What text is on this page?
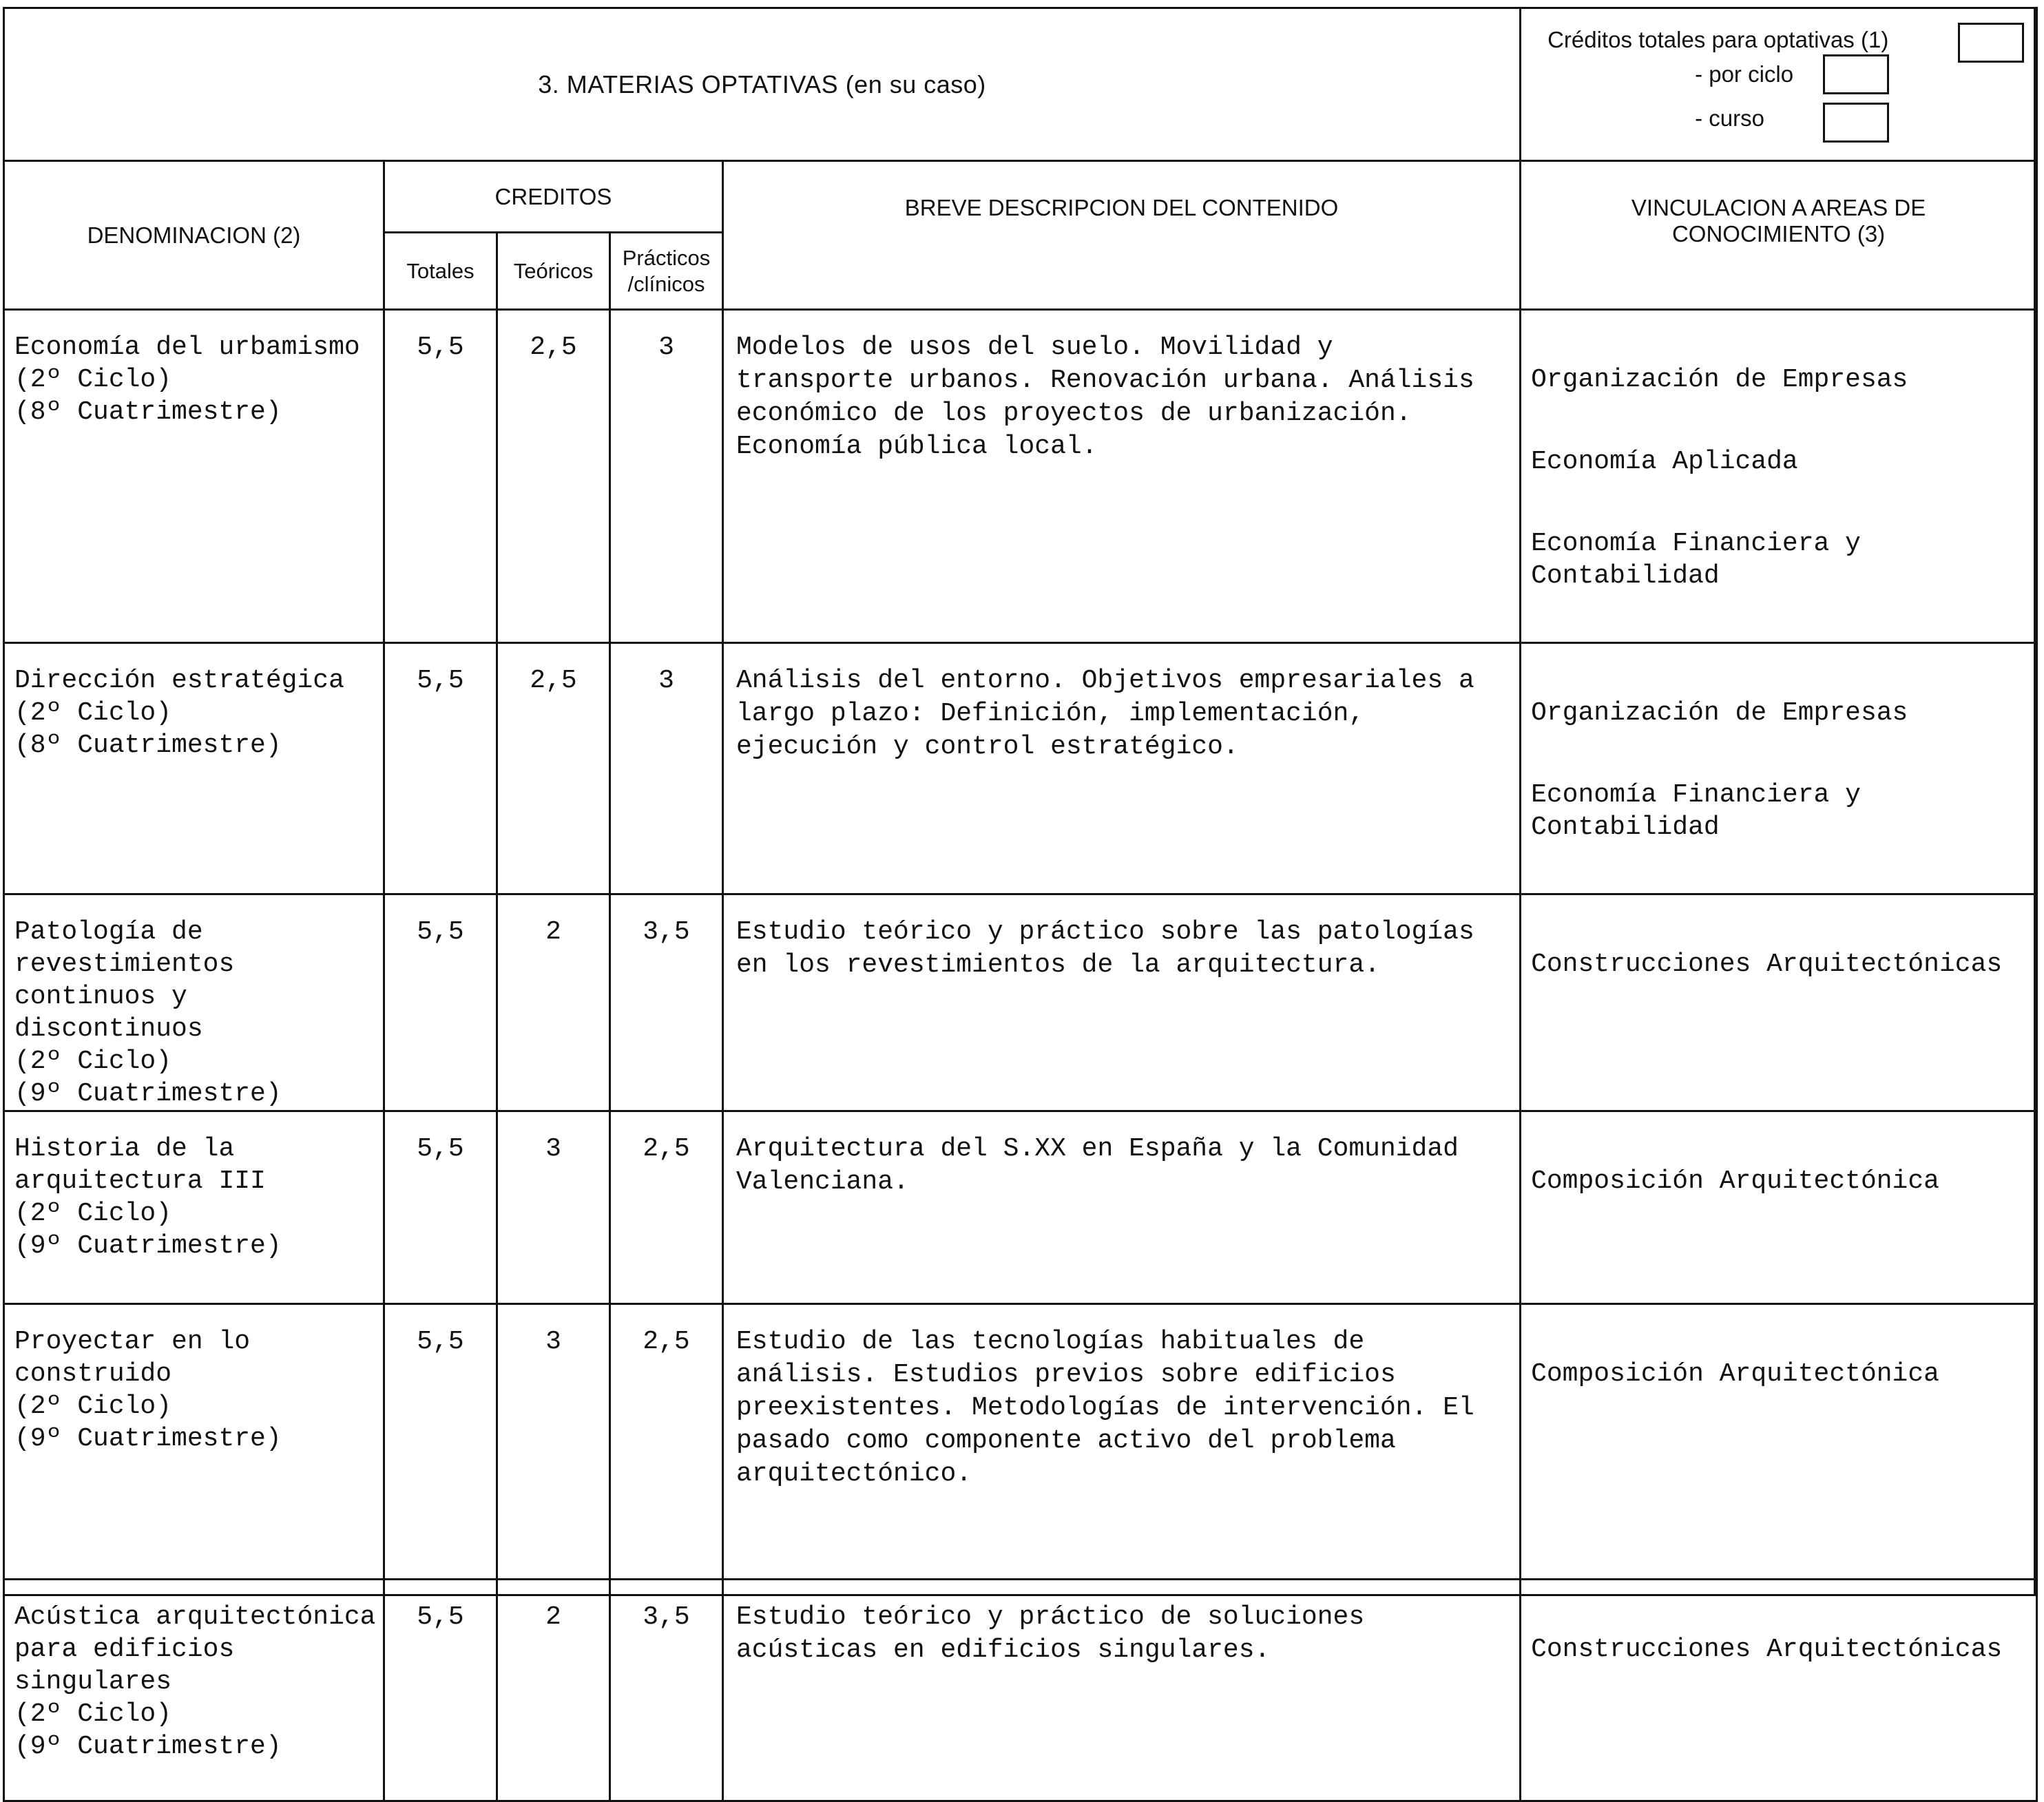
3. MATERIAS OPTATIVAS (en su caso)					Créditos totales para optativas (1)
- por ciclo
- curso

DENOMINACION (2)	CREDITOS			BREVE DESCRIPCION DEL CONTENIDO	VINCULACION A AREAS DE CONOCIMIENTO (3)

	Totales	Teóricos	Prácticos /clínicos		
Economía del urbamismo
(2º Ciclo)
(8º Cuatrimestre)	5,5	2,5	3	Modelos de usos del suelo. Movilidad y transporte urbanos. Renovación urbana. Análisis económico de los proyectos de urbanización. Economía pública local.	Organización de Empresas

Economía Aplicada

Economía Financiera y Contabilidad

Dirección estratégica
(2º Ciclo)
(8º Cuatrimestre)	5,5	2,5	3	Análisis del entorno. Objetivos empresariales a largo plazo: Definición, implementación, ejecución y control estratégico.	Organización de Empresas

Economía Financiera y Contabilidad

Patología de revestimientos continuos y discontinuos
(2º Ciclo)
(9º Cuatrimestre)	5,5	2	3,5	Estudio teórico y práctico sobre las patologías en los revestimientos de la arquitectura.	Construcciones Arquitectónicas

Historia de la arquitectura III
(2º Ciclo)
(9º Cuatrimestre)	5,5	3	2,5	Arquitectura del S.XX en España y la Comunidad Valenciana.	Composición Arquitectónica

Proyectar en lo construido
(2º Ciclo)
(9º Cuatrimestre)	5,5	3	2,5	Estudio de las tecnologías habituales de análisis. Estudios previos sobre edificios preexistentes. Metodologías de intervención. El pasado como componente activo del problema arquitectónico.	Composición Arquitectónica

Acústica arquitectónica para edificios singulares
(2º Ciclo)
(9º Cuatrimestre)	5,5	2	3,5	Estudio teórico y práctico de soluciones acústicas en edificios singulares.	Construcciones Arquitectónicas
